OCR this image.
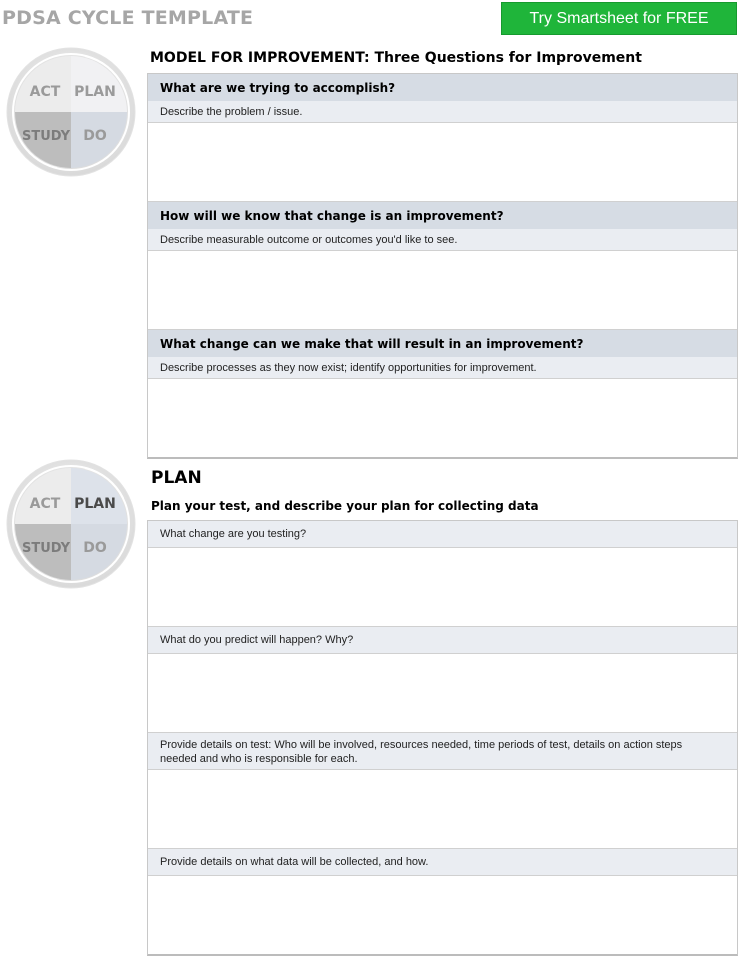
PDSA CYCLE TEMPLATE	Try Smartsheet for FREE
ACT PLAN
STUDY DO
MODEL FOR IMPROVEMENT: Three Questions for Improvement
What are we trying to accomplish?
Describe the problem / issue.
How will we know that change is an improvement?
Describe measurable outcome or outcomes you'd like to see.
What change can we make that will result in an improvement?
Describe processes as they now exist; identify opportunities for improvement.
ACT PLAN
STUDY DO
PLAN
Plan your test, and describe your plan for collecting data
What change are you testing?
What do you predict will happen? Why?
Provide details on test: Who will be involved, resources needed, time periods of test, details on action steps needed and who is responsible for each.
Provide details on what data will be collected, and how.
